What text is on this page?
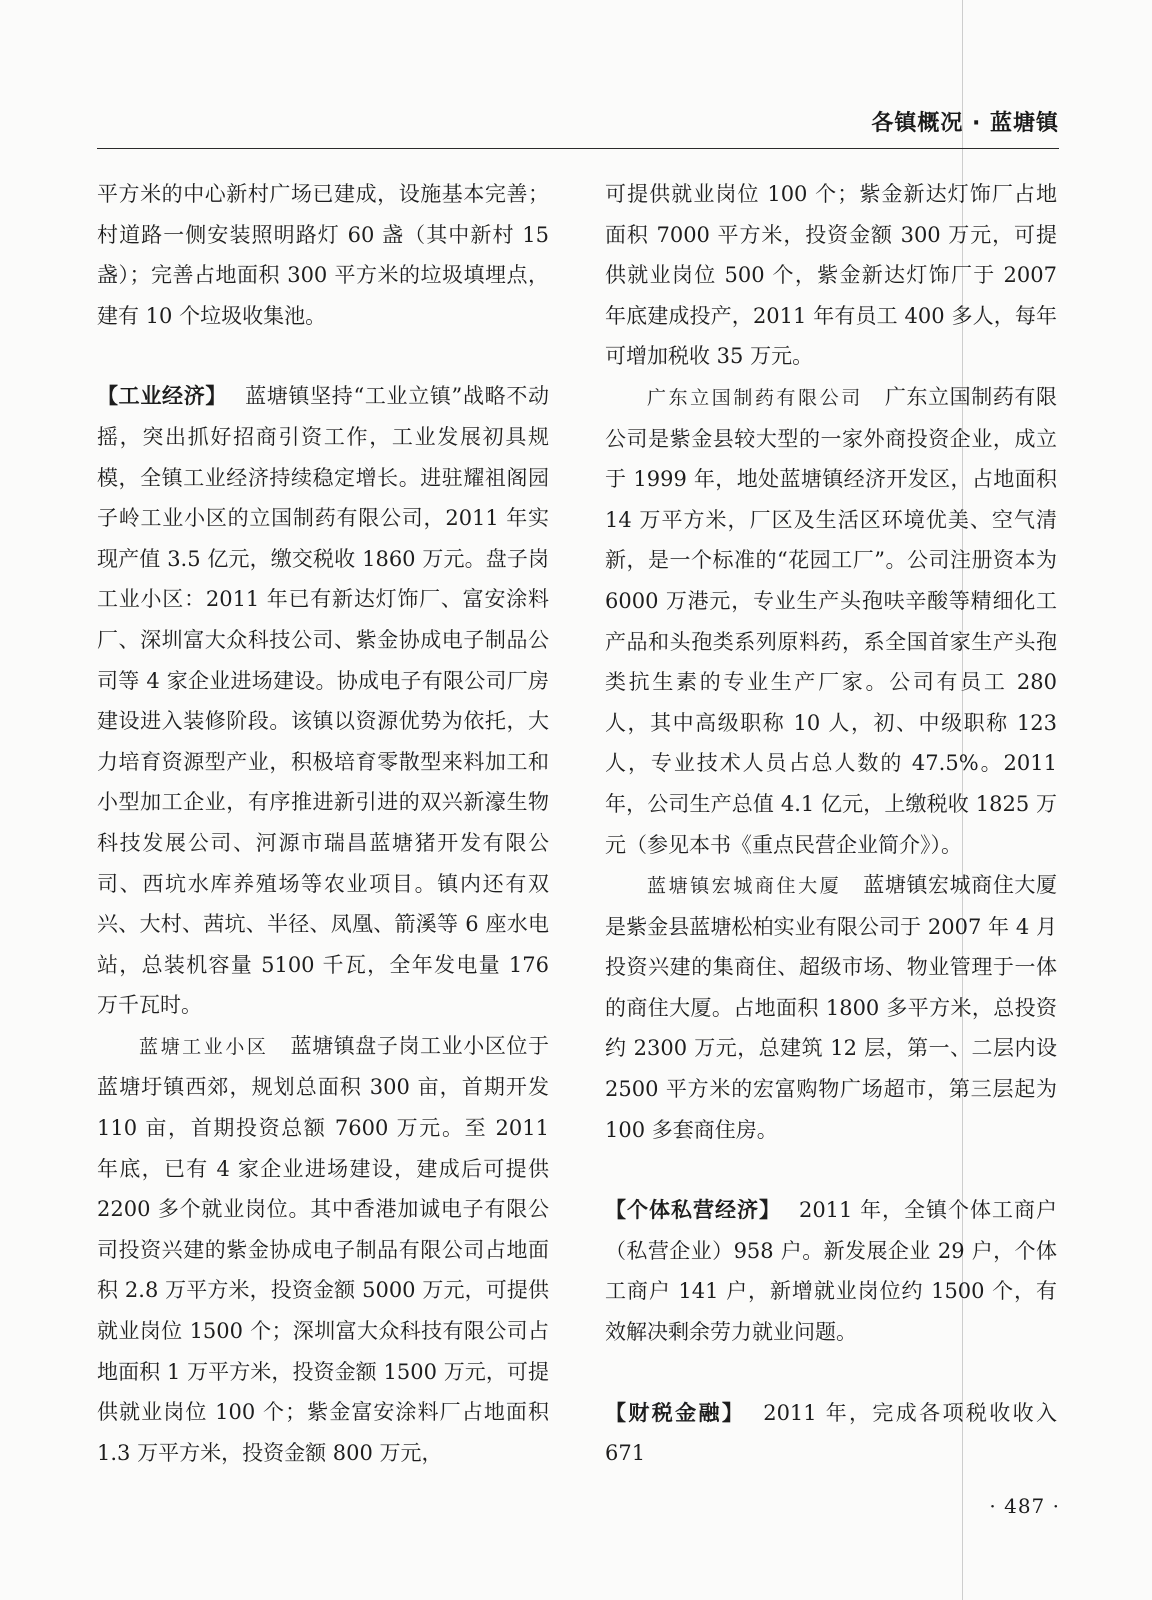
各镇概况 · 蓝塘镇

平方米的中心新村广场已建成，设施基本完善；村道路一侧安装照明路灯 60 盏（其中新村 15 盏）；完善占地面积 300 平方米的垃圾填埋点，建有 10 个垃圾收集池。

【工业经济】 蓝塘镇坚持“工业立镇”战略不动摇，突出抓好招商引资工作，工业发展初具规模，全镇工业经济持续稳定增长。进驻耀祖阁园子岭工业小区的立国制药有限公司，2011 年实现产值 3.5 亿元，缴交税收 1860 万元。盘子岗工业小区：2011 年已有新达灯饰厂、富安涂料厂、深圳富大众科技公司、紫金协成电子制品公司等 4 家企业进场建设。协成电子有限公司厂房建设进入装修阶段。该镇以资源优势为依托，大力培育资源型产业，积极培育零散型来料加工和小型加工企业，有序推进新引进的双兴新濠生物科技发展公司、河源市瑞昌蓝塘猪开发有限公司、西坑水库养殖场等农业项目。镇内还有双兴、大村、茜坑、半径、凤凰、箭溪等 6 座水电站，总装机容量 5100 千瓦，全年发电量 176 万千瓦时。

蓝塘工业小区 蓝塘镇盘子岗工业小区位于蓝塘圩镇西郊，规划总面积 300 亩，首期开发 110 亩，首期投资总额 7600 万元。至 2011 年底，已有 4 家企业进场建设，建成后可提供 2200 多个就业岗位。其中香港加诚电子有限公司投资兴建的紫金协成电子制品有限公司占地面积 2.8 万平方米，投资金额 5000 万元，可提供就业岗位 1500 个；深圳富大众科技有限公司占地面积 1 万平方米，投资金额 1500 万元，可提供就业岗位 100 个；紫金富安涂料厂占地面积 1.3 万平方米，投资金额 800 万元，

可提供就业岗位 100 个；紫金新达灯饰厂占地面积 7000 平方米，投资金额 300 万元，可提供就业岗位 500 个，紫金新达灯饰厂于 2007 年底建成投产，2011 年有员工 400 多人，每年可增加税收 35 万元。

广东立国制药有限公司 广东立国制药有限公司是紫金县较大型的一家外商投资企业，成立于 1999 年，地处蓝塘镇经济开发区，占地面积 14 万平方米，厂区及生活区环境优美、空气清新，是一个标准的“花园工厂”。公司注册资本为 6000 万港元，专业生产头孢呋辛酸等精细化工产品和头孢类系列原料药，系全国首家生产头孢类抗生素的专业生产厂家。公司有员工 280 人，其中高级职称 10 人，初、中级职称 123 人，专业技术人员占总人数的 47.5%。2011 年，公司生产总值 4.1 亿元，上缴税收 1825 万元（参见本书《重点民营企业简介》）。

蓝塘镇宏城商住大厦 蓝塘镇宏城商住大厦是紫金县蓝塘松柏实业有限公司于 2007 年 4 月投资兴建的集商住、超级市场、物业管理于一体的商住大厦。占地面积 1800 多平方米，总投资约 2300 万元，总建筑 12 层，第一、二层内设 2500 平方米的宏富购物广场超市，第三层起为 100 多套商住房。

【个体私营经济】 2011 年，全镇个体工商户（私营企业）958 户。新发展企业 29 户，个体工商户 141 户，新增就业岗位约 1500 个，有效解决剩余劳力就业问题。

【财税金融】 2011 年，完成各项税收收入 671

· 487 ·
